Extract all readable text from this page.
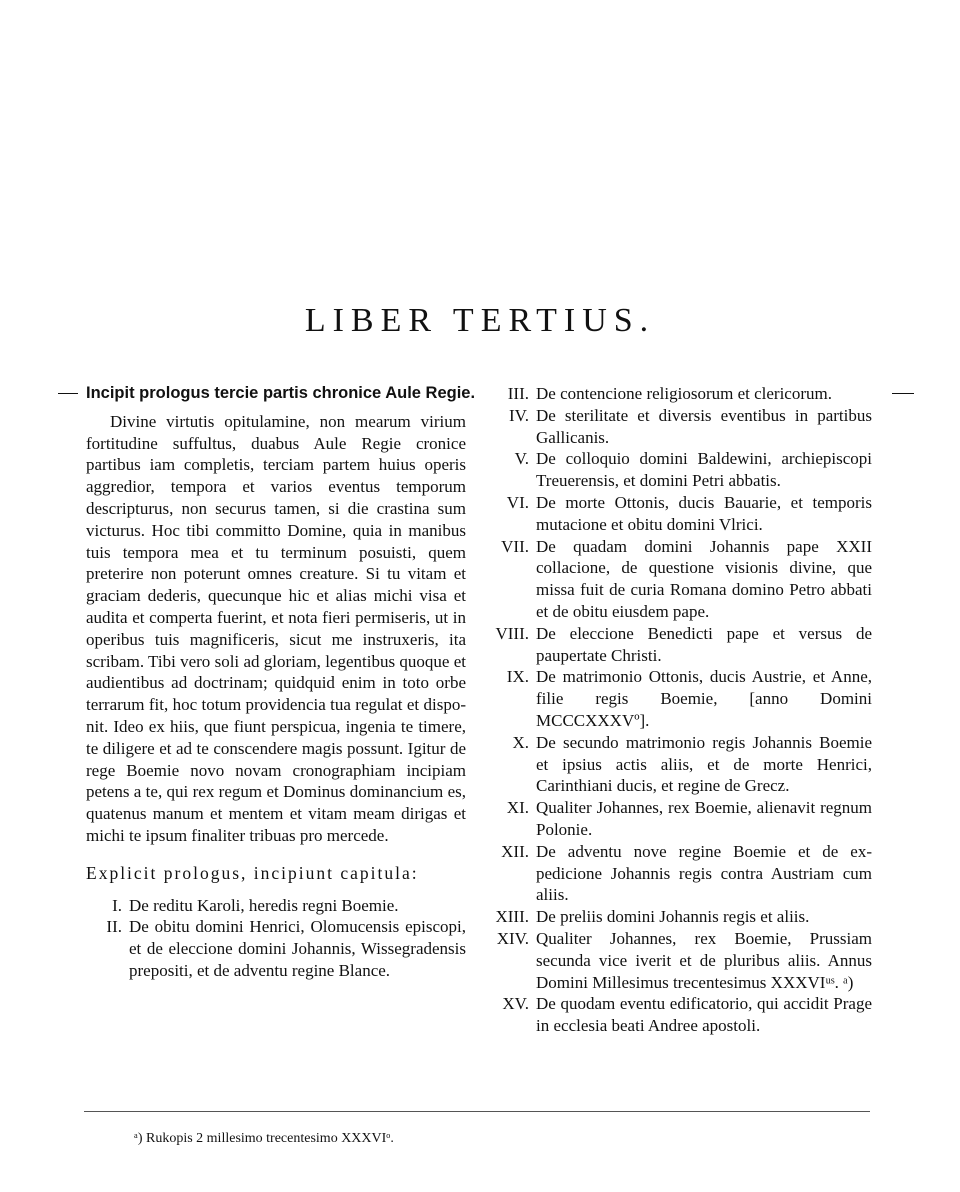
LIBER TERTIUS.
Incipit prologus tercie partis chronice Aule Regie.
Divine virtutis opitulamine, non mearum virium fortitudine suffultus, duabus Aule Regie cronice partibus iam completis, terciam partem huius operis aggredior, tempora et varios eventus temporum descripturus, non securus tamen, si die crastina sum victurus. Hoc tibi committo Domine, quia in manibus tuis tempora mea et tu terminum posuisti, quem preterire non poterunt omnes creature. Si tu vitam et graciam dederis, quecunque hic et alias michi visa et audita et comperta fuerint, et nota fieri permiseris, ut in operibus tuis magnificeris, sicut me instruxeris, ita scribam. Tibi vero soli ad gloriam, legentibus quoque et audientibus ad doctrinam; quidquid enim in toto orbe terrarum fit, hoc totum providencia tua regulat et disponit. Ideo ex hiis, que fiunt perspicua, ingenia te timere, te diligere et ad te conscendere magis possunt. Igitur de rege Boemie novo novam cronographiam incipiam petens a te, qui rex regum et Dominus dominancium es, quatenus manum et mentem et vitam meam dirigas et michi te ipsum finaliter tribuas pro mercede.
Explicit prologus, incipiunt capitula:
I. De reditu Karoli, heredis regni Boemie.
II. De obitu domini Henrici, Olomucensis episcopi, et de eleccione domini Johannis, Wissegradensis prepositi, et de adventu regine Blance.
III. De contencione religiosorum et clericorum.
IV. De sterilitate et diversis eventibus in partibus Gallicanis.
V. De colloquio domini Baldewini, archiepiscopi Treuerensis, et domini Petri abbatis.
VI. De morte Ottonis, ducis Bauarie, et temporis mutacione et obitu domini Vlrici.
VII. De quadam domini Johannis pape XXII collacione, de questione visionis divine, que missa fuit de curia Romana domino Petro abbati et de obitu eiusdem pape.
VIII. De eleccione Benedicti pape et versus de paupertate Christi.
IX. De matrimonio Ottonis, ducis Austrie, et Anne, filie regis Boemie, [anno Domini MCCCXXXVº].
X. De secundo matrimonio regis Johannis Boemie et ipsius actis aliis, et de morte Henrici, Carinthiani ducis, et regine de Grecz.
XI. Qualiter Johannes, rex Boemie, alienavit regnum Polonie.
XII. De adventu nove regine Boemie et de expedicione Johannis regis contra Austriam cum aliis.
XIII. De preliis domini Johannis regis et aliis.
XIV. Qualiter Johannes, rex Boemie, Prussiam secunda vice iverit et de pluribus aliis. Annus Domini Millesimus trecentesimus XXXVIᵘˢ. ᵃ)
XV. De quodam eventu edificatorio, qui accidit Prage in ecclesia beati Andree apostoli.
ᵃ) Rukopis 2 millesimo trecentesimo XXXVIᵒ.
